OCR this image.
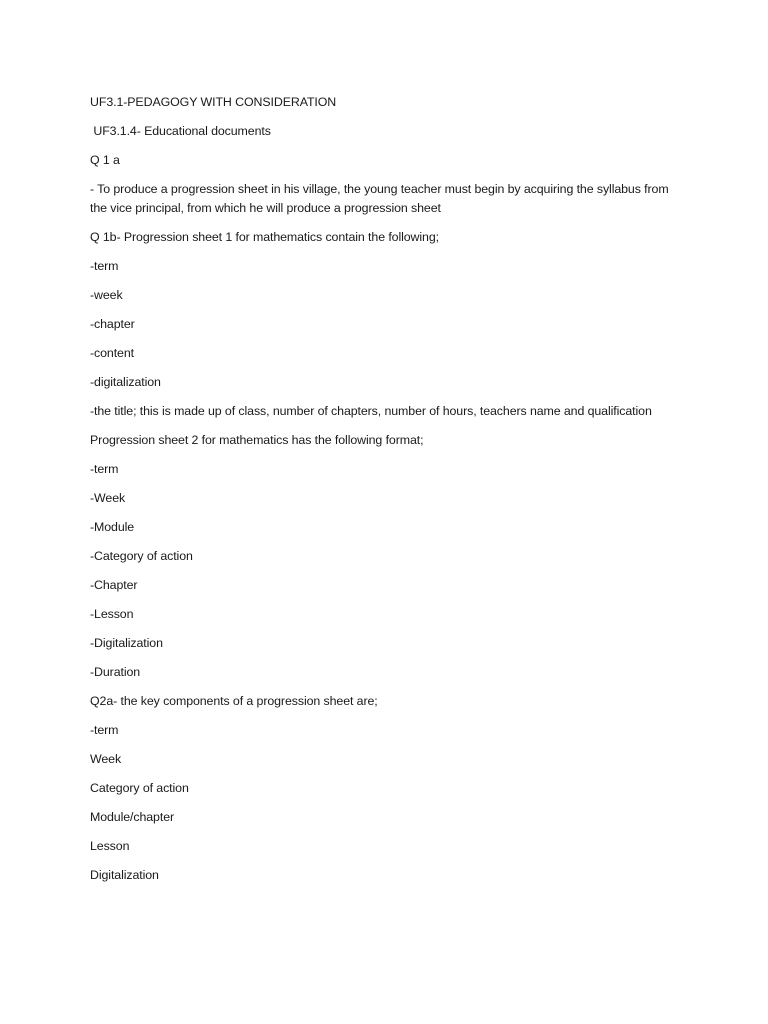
UF3.1-PEDAGOGY WITH CONSIDERATION

UF3.1.4- Educational documents

Q 1 a

- To produce a progression sheet in his village, the young teacher must begin by acquiring the syllabus from the vice principal, from which he will produce a progression sheet

Q 1b- Progression sheet 1 for mathematics contain the following;

-term

-week

-chapter

-content

-digitalization

-the title; this is made up of class, number of chapters, number of hours, teachers name and qualification

Progression sheet 2 for mathematics has the following format;

-term

-Week

-Module

-Category of action

-Chapter

-Lesson

-Digitalization

-Duration

Q2a- the key components of a progression sheet are;

-term

Week

Category of action

Module/chapter

Lesson

Digitalization
